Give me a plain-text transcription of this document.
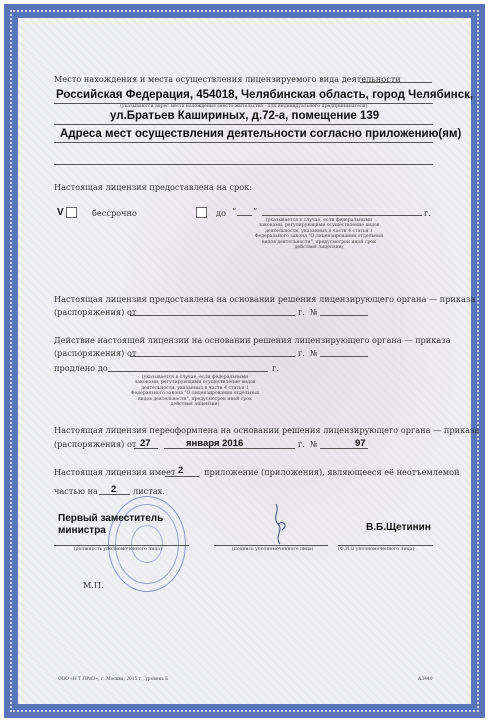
Место нахождения и места осуществления лицензируемого вида деятельности
Российская Федерация, 454018, Челябинская область, город Челябинск,
(указываются адрес места нахождения (место жительства - для индивидуального предпринимателя)
ул.Братьев Кашириных, д.72-а, помещение 139
Адреса мест осуществления деятельности согласно приложению(ям)
Настоящая лицензия предоставлена на срок:
V	бессрочно	до “ ”	г.
(указывается в случае, если федеральными
законами, регулирующими осуществление видов
деятельности, указанных в части 4 статьи 1
Федерального закона "О лицензировании отдельных
видов деятельности", предусмотрен иной срок
действия лицензии)
Настоящая лицензия предоставлена на основании решения лицензирующего органа — приказа
(распоряжения) от	г. №
Действие настоящей лицензии на основании решения лицензирующего органа — приказа
(распоряжения) от	г. №
продлено до	г.
(указывается в случае, если федеральными
законами, регулирующими осуществление видов
деятельности, указанных в части 4 статьи 1
Федерального закона "О лицензировании отдельных
видов деятельности", предусмотрен иной срок
действия лицензии)
Настоящая лицензия переоформлена на основании решения лицензирующего органа — приказа
(распоряжения) от 27	января 2016	г. №	97
Настоящая лицензия имеет 2	приложение (приложения), являющееся её неотъемлемой
частью на 2 листах.
Первый заместитель
министра	В.Б.Щетинин
(должность уполномоченного лица)	(подпись уполномоченного лица)	(Ф.И.О уполномоченного лица)
М.П.
ООО «Н Т ПРиЭ», г. Москва, 2015 г., уровень Б	А3440
